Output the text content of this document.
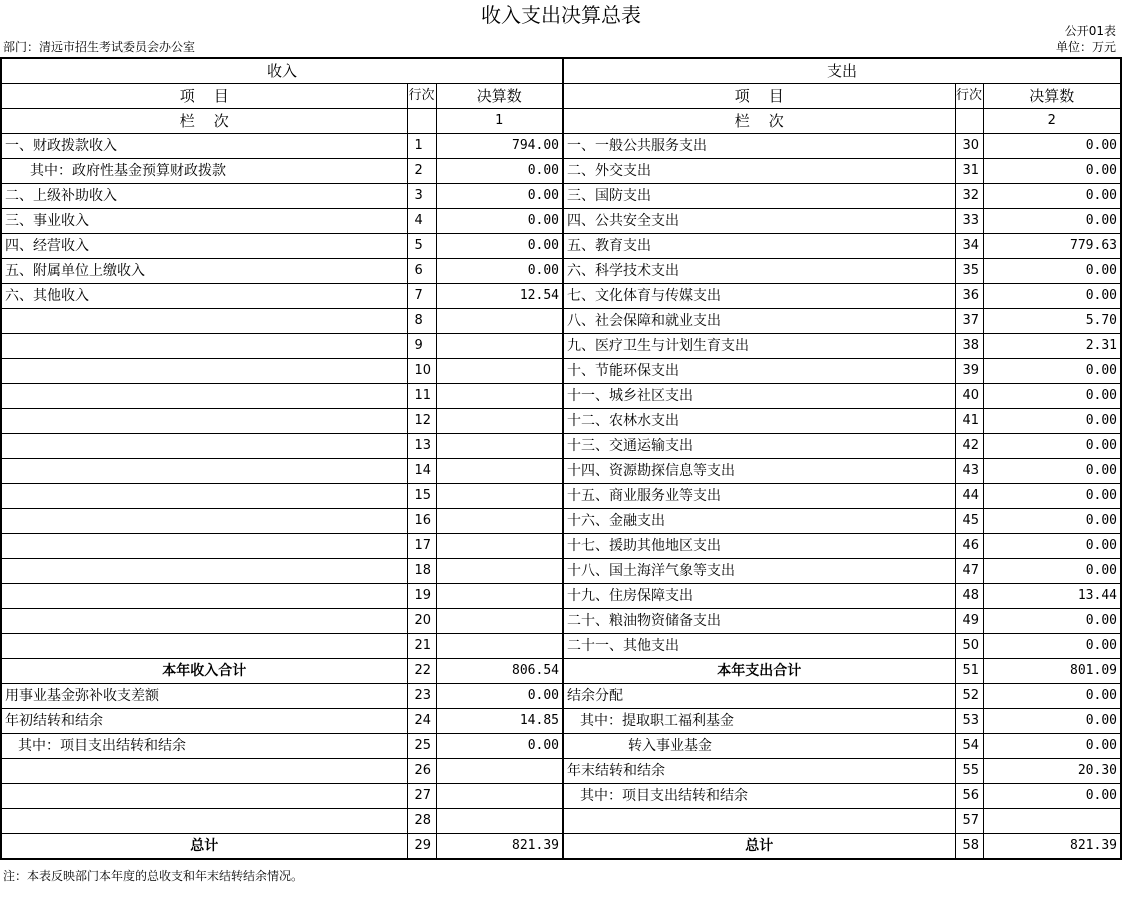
收入支出决算总表
公开01表
部门：清远市招生考试委员会办公室	单位：万元
收入			支出		
项    目	行次	决算数	项    目	行次	决算数
栏    次		1	栏    次		2
一、财政拨款收入	1	794.00	一、一般公共服务支出	30	0.00
其中：政府性基金预算财政拨款	2	0.00	二、外交支出	31	0.00
二、上级补助收入	3	0.00	三、国防支出	32	0.00
三、事业收入	4	0.00	四、公共安全支出	33	0.00
四、经营收入	5	0.00	五、教育支出	34	779.63
五、附属单位上缴收入	6	0.00	六、科学技术支出	35	0.00
六、其他收入	7	12.54	七、文化体育与传媒支出	36	0.00
	8		八、社会保障和就业支出	37	5.70
	9		九、医疗卫生与计划生育支出	38	2.31
	10		十、节能环保支出	39	0.00
	11		十一、城乡社区支出	40	0.00
	12		十二、农林水支出	41	0.00
	13		十三、交通运输支出	42	0.00
	14		十四、资源勘探信息等支出	43	0.00
	15		十五、商业服务业等支出	44	0.00
	16		十六、金融支出	45	0.00
	17		十七、援助其他地区支出	46	0.00
	18		十八、国土海洋气象等支出	47	0.00
	19		十九、住房保障支出	48	13.44
	20		二十、粮油物资储备支出	49	0.00
	21		二十一、其他支出	50	0.00
本年收入合计	22	806.54	本年支出合计	51	801.09
用事业基金弥补收支差额	23	0.00	结余分配	52	0.00
年初结转和结余	24	14.85	其中：提取职工福利基金	53	0.00
其中：项目支出结转和结余	25	0.00	转入事业基金	54	0.00
	26		年末结转和结余	55	20.30
	27		其中：项目支出结转和结余	56	0.00
	28			57	
总计	29	821.39	总计	58	821.39
注：本表反映部门本年度的总收支和年末结转结余情况。
